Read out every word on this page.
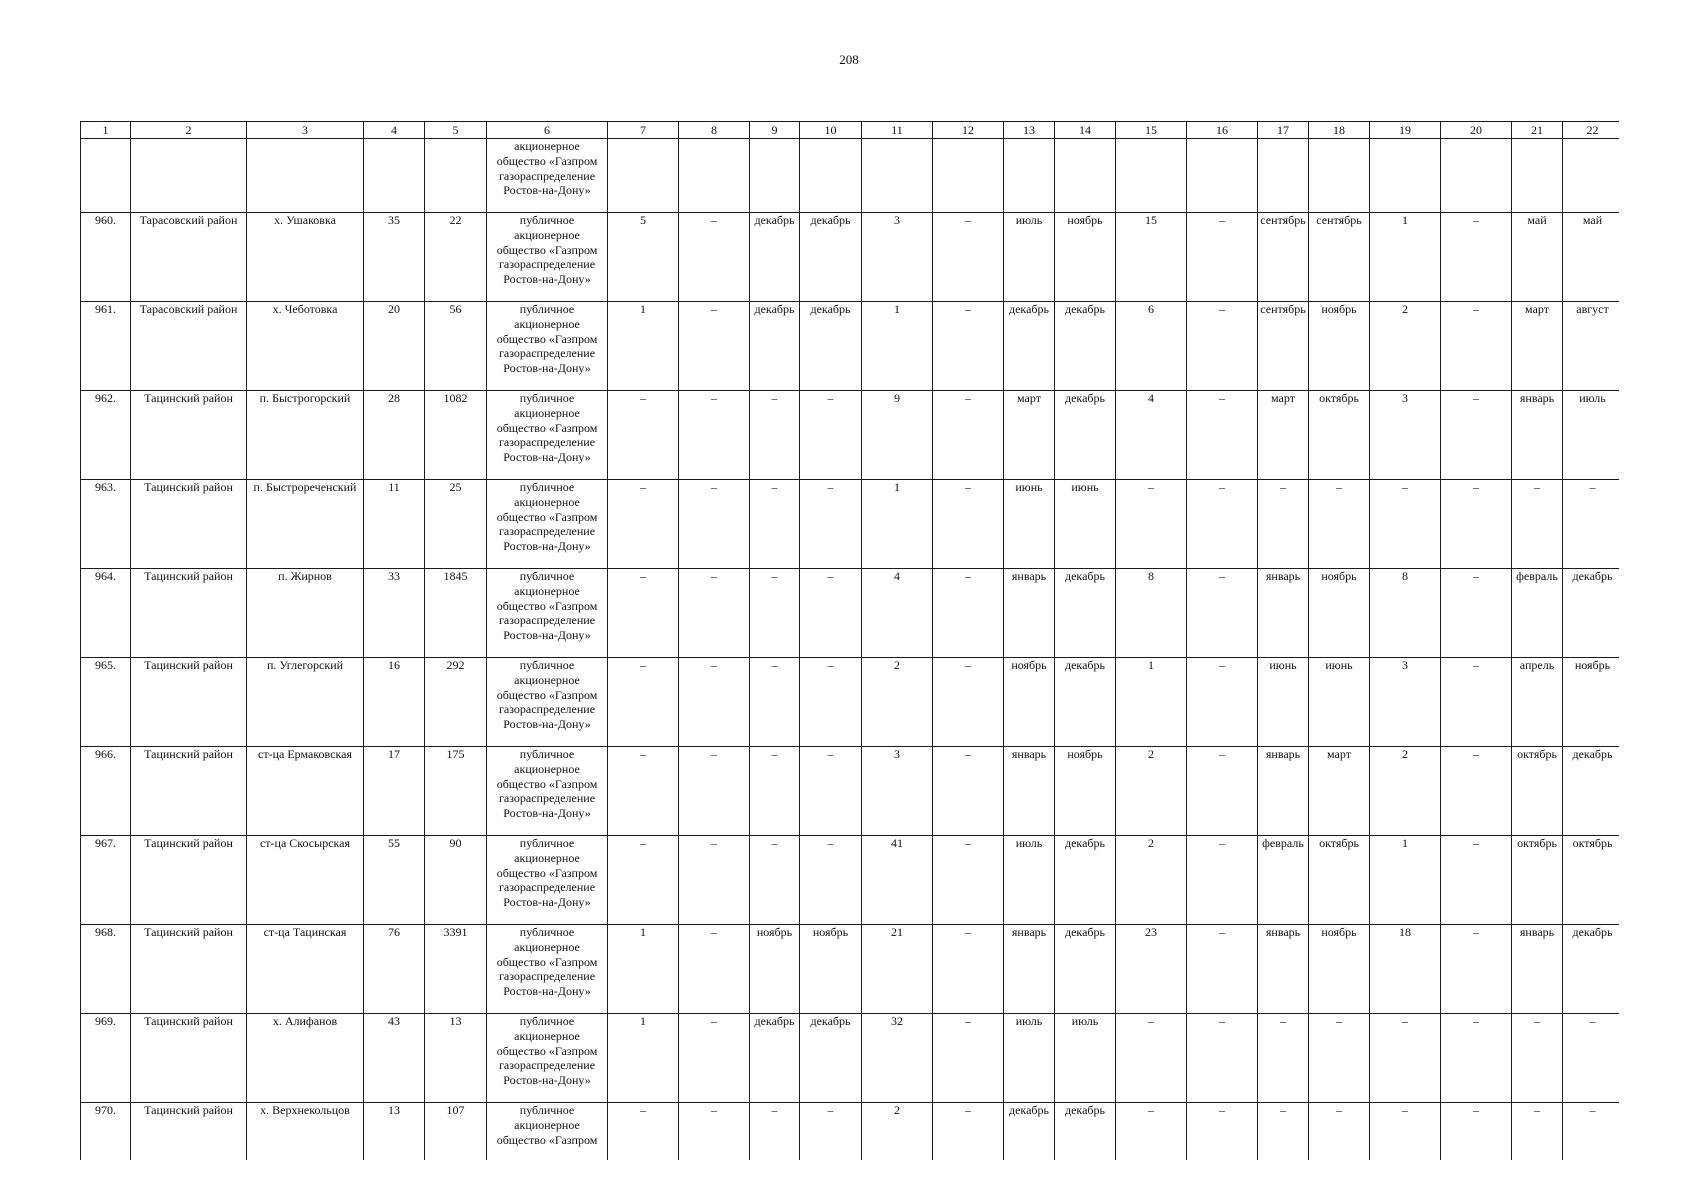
208
1	2	3	4	5	6	7	8	9	10	11	12	13	14	15	16	17	18	19	20	21	22
					акционерное общество «Газпром газораспределение Ростов-на-Дону»																
960.	Тарасовский район	х. Ушаковка	35	22	публичное акционерное общество «Газпром газораспределение Ростов-на-Дону»	5	–	декабрь	декабрь	3	–	июль	ноябрь	15	–	сентябрь	сентябрь	1	–	май	май
961.	Тарасовский район	х. Чеботовка	20	56	публичное акционерное общество «Газпром газораспределение Ростов-на-Дону»	1	–	декабрь	декабрь	1	–	декабрь	декабрь	6	–	сентябрь	ноябрь	2	–	март	август
962.	Тацинский район	п. Быстрогорский	28	1082	публичное акционерное общество «Газпром газораспределение Ростов-на-Дону»	–	–	–	–	9	–	март	декабрь	4	–	март	октябрь	3	–	январь	июль
963.	Тацинский район	п. Быстрореченский	11	25	публичное акционерное общество «Газпром газораспределение Ростов-на-Дону»	–	–	–	–	1	–	июнь	июнь	–	–	–	–	–	–	–	–
964.	Тацинский район	п. Жирнов	33	1845	публичное акционерное общество «Газпром газораспределение Ростов-на-Дону»	–	–	–	–	4	–	январь	декабрь	8	–	январь	ноябрь	8	–	февраль	декабрь
965.	Тацинский район	п. Углегорский	16	292	публичное акционерное общество «Газпром газораспределение Ростов-на-Дону»	–	–	–	–	2	–	ноябрь	декабрь	1	–	июнь	июнь	3	–	апрель	ноябрь
966.	Тацинский район	ст-ца Ермаковская	17	175	публичное акционерное общество «Газпром газораспределение Ростов-на-Дону»	–	–	–	–	3	–	январь	ноябрь	2	–	январь	март	2	–	октябрь	декабрь
967.	Тацинский район	ст-ца Скосырская	55	90	публичное акционерное общество «Газпром газораспределение Ростов-на-Дону»	–	–	–	–	41	–	июль	декабрь	2	–	февраль	октябрь	1	–	октябрь	октябрь
968.	Тацинский район	ст-ца Тацинская	76	3391	публичное акционерное общество «Газпром газораспределение Ростов-на-Дону»	1	–	ноябрь	ноябрь	21	–	январь	декабрь	23	–	январь	ноябрь	18	–	январь	декабрь
969.	Тацинский район	х. Алифанов	43	13	публичное акционерное общество «Газпром газораспределение Ростов-на-Дону»	1	–	декабрь	декабрь	32	–	июль	июль	–	–	–	–	–	–	–	–
970.	Тацинский район	х. Верхнекольцов	13	107	публичное акционерное общество «Газпром	–	–	–	–	2	–	декабрь	декабрь	–	–	–	–	–	–	–	–
